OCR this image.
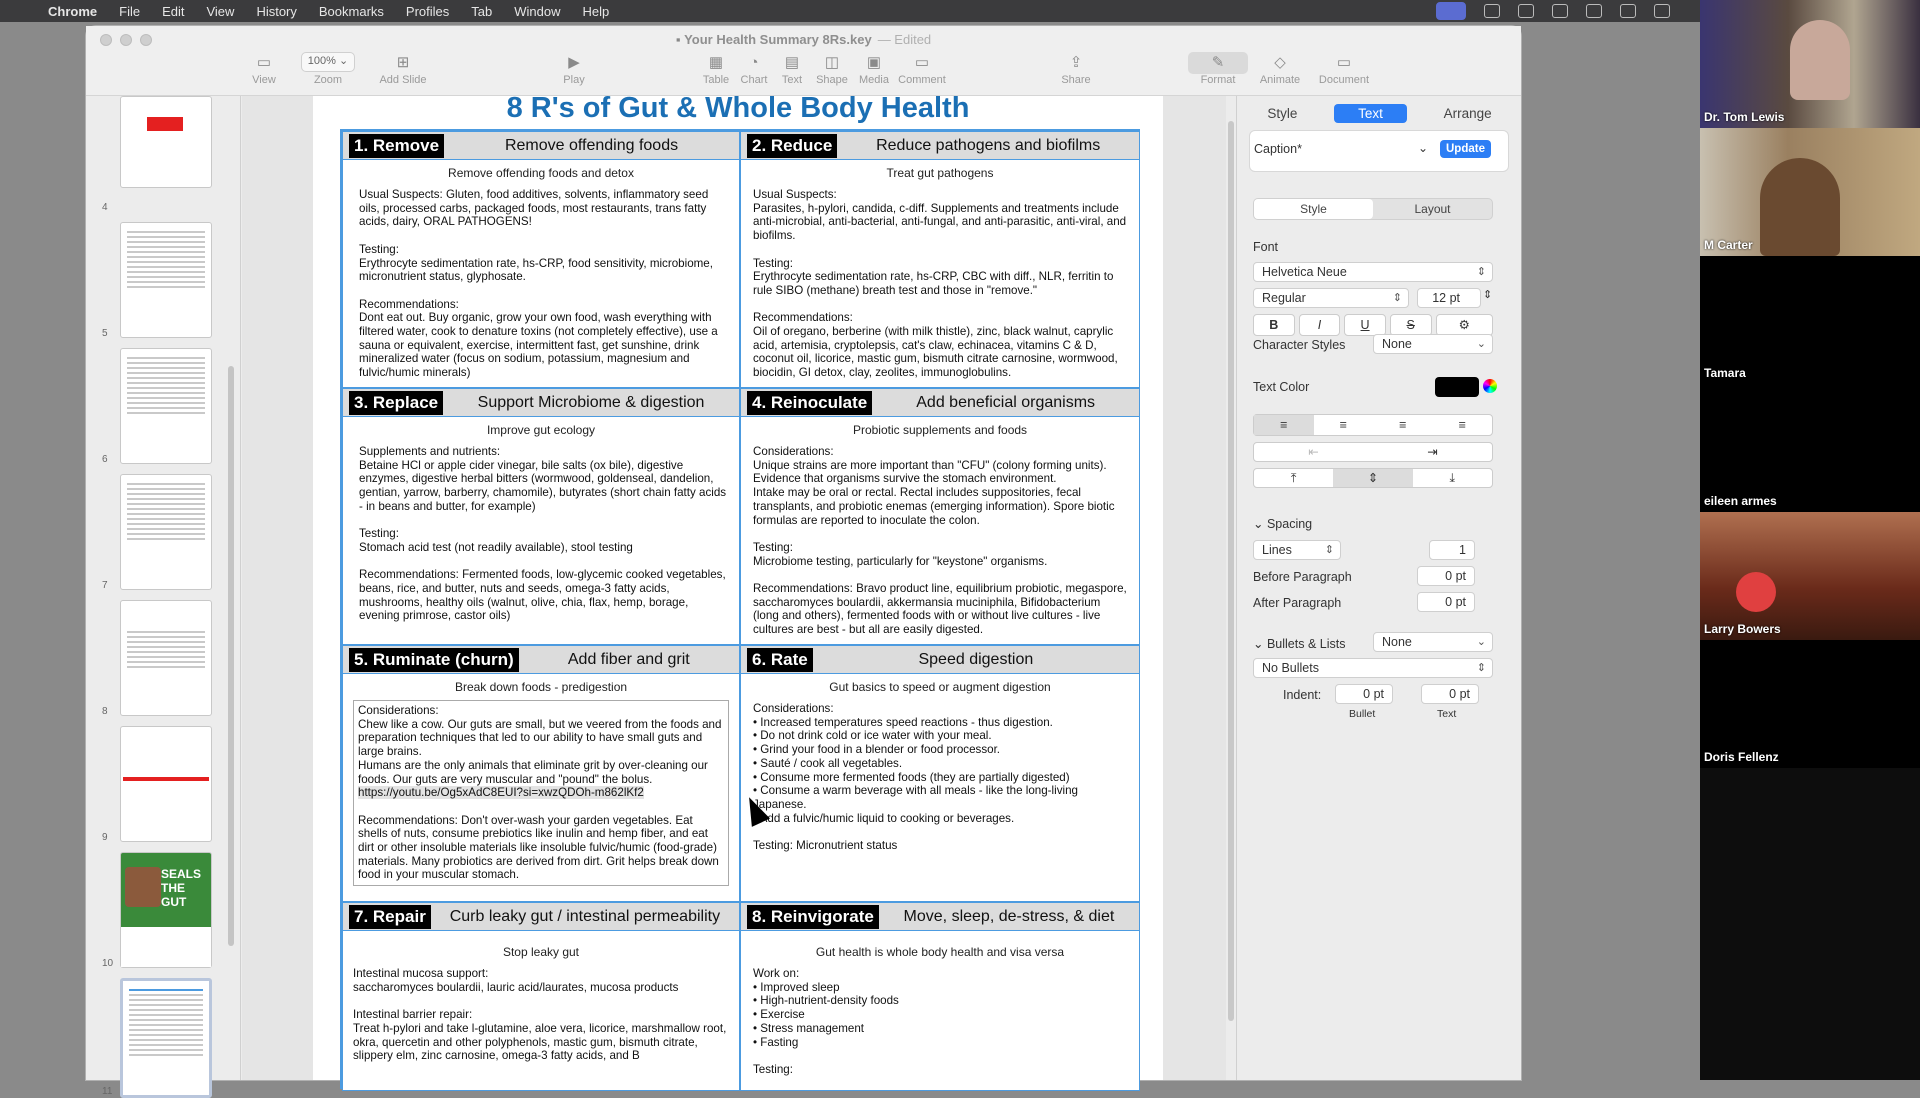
Chrome File Edit View History Bookmarks Profiles Tab Window Help
▪ Your Health Summary 8Rs.key — Edited
▭
View
100% ⌄
Zoom
⊞
Add Slide
▶
Play
▦
Table
◔
Chart
▤
Text
◫
Shape
▣
Media
▭
Comment
⇪
Share
✎
Format
◇
Animate
▭
Document
4
5
6
7
8
9
10
SEALS THE GUT
11
8 R's of Gut & Whole Body Health
1. Remove	Remove offending foods
Remove offending foods and detox
Usual Suspects: Gluten, food additives, solvents, inflammatory seed oils, processed carbs, packaged foods, most restaurants, trans fatty acids, dairy, ORAL PATHOGENS!

Testing:
Erythrocyte sedimentation rate, hs-CRP, food sensitivity, microbiome, micronutrient status, glyphosate.

Recommendations:
Dont eat out. Buy organic, grow your own food, wash everything with filtered water, cook to denature toxins (not completely effective), use a sauna or equivalent, exercise, intermittent fast, get sunshine, drink mineralized water (focus on sodium, potassium, magnesium and fulvic/humic minerals)
2. Reduce	Reduce pathogens and biofilms
Treat gut pathogens
Usual Suspects:
Parasites, h-pylori, candida, c-diff. Supplements and treatments include anti-microbial, anti-bacterial, anti-fungal, and anti-parasitic, anti-viral, and biofilms.

Testing:
Erythrocyte sedimentation rate, hs-CRP, CBC with diff., NLR, ferritin to rule SIBO (methane) breath test and those in "remove."

Recommendations:
Oil of oregano, berberine (with milk thistle), zinc, black walnut, caprylic acid, artemisia, cryptolepsis, cat's claw, echinacea, vitamins C & D, coconut oil, licorice, mastic gum, bismuth citrate carnosine, wormwood, biocidin, GI detox, clay, zeolites, immunoglobulins.
3. Replace	Support Microbiome & digestion
Improve gut ecology
Supplements and nutrients:
Betaine HCl or apple cider vinegar, bile salts (ox bile), digestive enzymes, digestive herbal bitters (wormwood, goldenseal, dandelion, gentian, yarrow, barberry, chamomile), butyrates (short chain fatty acids - in beans and butter, for example)

Testing:
Stomach acid test (not readily available), stool testing

Recommendations: Fermented foods, low-glycemic cooked vegetables, beans, rice, and butter, nuts and seeds, omega-3 fatty acids, mushrooms, healthy oils (walnut, olive, chia, flax, hemp, borage, evening primrose, castor oils)
4. Reinoculate	Add beneficial organisms
Probiotic supplements and foods
Considerations:
Unique strains are more important than "CFU" (colony forming units). Evidence that organisms survive the stomach environment.
Intake may be oral or rectal. Rectal includes suppositories, fecal transplants, and probiotic enemas (emerging information). Spore biotic formulas are reported to inoculate the colon.

Testing:
Microbiome testing, particularly for "keystone" organisms.

Recommendations: Bravo product line, equilibrium probiotic, megaspore, saccharomyces boulardii, akkermansia muciniphila, Bifidobacterium (long and others), fermented foods with or without live cultures - live cultures are best - but all are easily digested.
5. Ruminate (churn)	Add fiber and grit
Break down foods - predigestion
Considerations:
Chew like a cow. Our guts are small, but we veered from the foods and preparation techniques that led to our ability to have small guts and large brains.
Humans are the only animals that eliminate grit by over-cleaning our foods. Our guts are very muscular and "pound" the bolus. https://youtu.be/Og5xAdC8EUI?si=xwzQDOh-m862lKf2

Recommendations: Don't over-wash your garden vegetables. Eat shells of nuts, consume prebiotics like inulin and hemp fiber, and eat dirt or other insoluble materials like insoluble fulvic/humic (food-grade) materials. Many probiotics are derived from dirt. Grit helps break down food in your muscular stomach.
6. Rate	Speed digestion
Gut basics to speed or augment digestion
Considerations:
• Increased temperatures speed reactions - thus digestion.
• Do not drink cold or ice water with your meal.
• Grind your food in a blender or food processor.
• Sauté / cook all vegetables.
• Consume more fermented foods (they are partially digested)
• Consume a warm beverage with all meals - like the long-living
Japanese.
• Add a fulvic/humic liquid to cooking or beverages.

Testing: Micronutrient status
7. Repair	Curb leaky gut / intestinal permeability
Stop leaky gut
Intestinal mucosa support:
saccharomyces boulardii, lauric acid/laurates, mucosa products

Intestinal barrier repair:
Treat h-pylori and take l-glutamine, aloe vera, licorice, marshmallow root, okra, quercetin and other polyphenols, mastic gum, bismuth citrate, slippery elm, zinc carnosine, omega-3 fatty acids, and B
8. Reinvigorate	Move, sleep, de-stress, & diet
Gut health is whole body health and visa versa
Work on:
• Improved sleep
• High-nutrient-density foods
• Exercise
• Stress management
• Fasting

Testing:
Style	Text	Arrange
Caption*	⌄	Update
Style	Layout
Font
Helvetica Neue	⇕
Regular	⇕	12 pt	⇕
B	I	U	S	⚙
Character Styles	None	⌄
Text Color
≡	≡	≡	≡
⇤	⇥
⤒	⇕	⤓
⌄ Spacing
Lines	⇕	1
Before Paragraph	0 pt
After Paragraph	0 pt
⌄ Bullets & Lists	None	⌄
No Bullets	⇕
Indent:	0 pt	0 pt
Bullet	Text
Dr. Tom Lewis
M Carter
Tamara
eileen armes
Larry Bowers
Doris Fellenz
